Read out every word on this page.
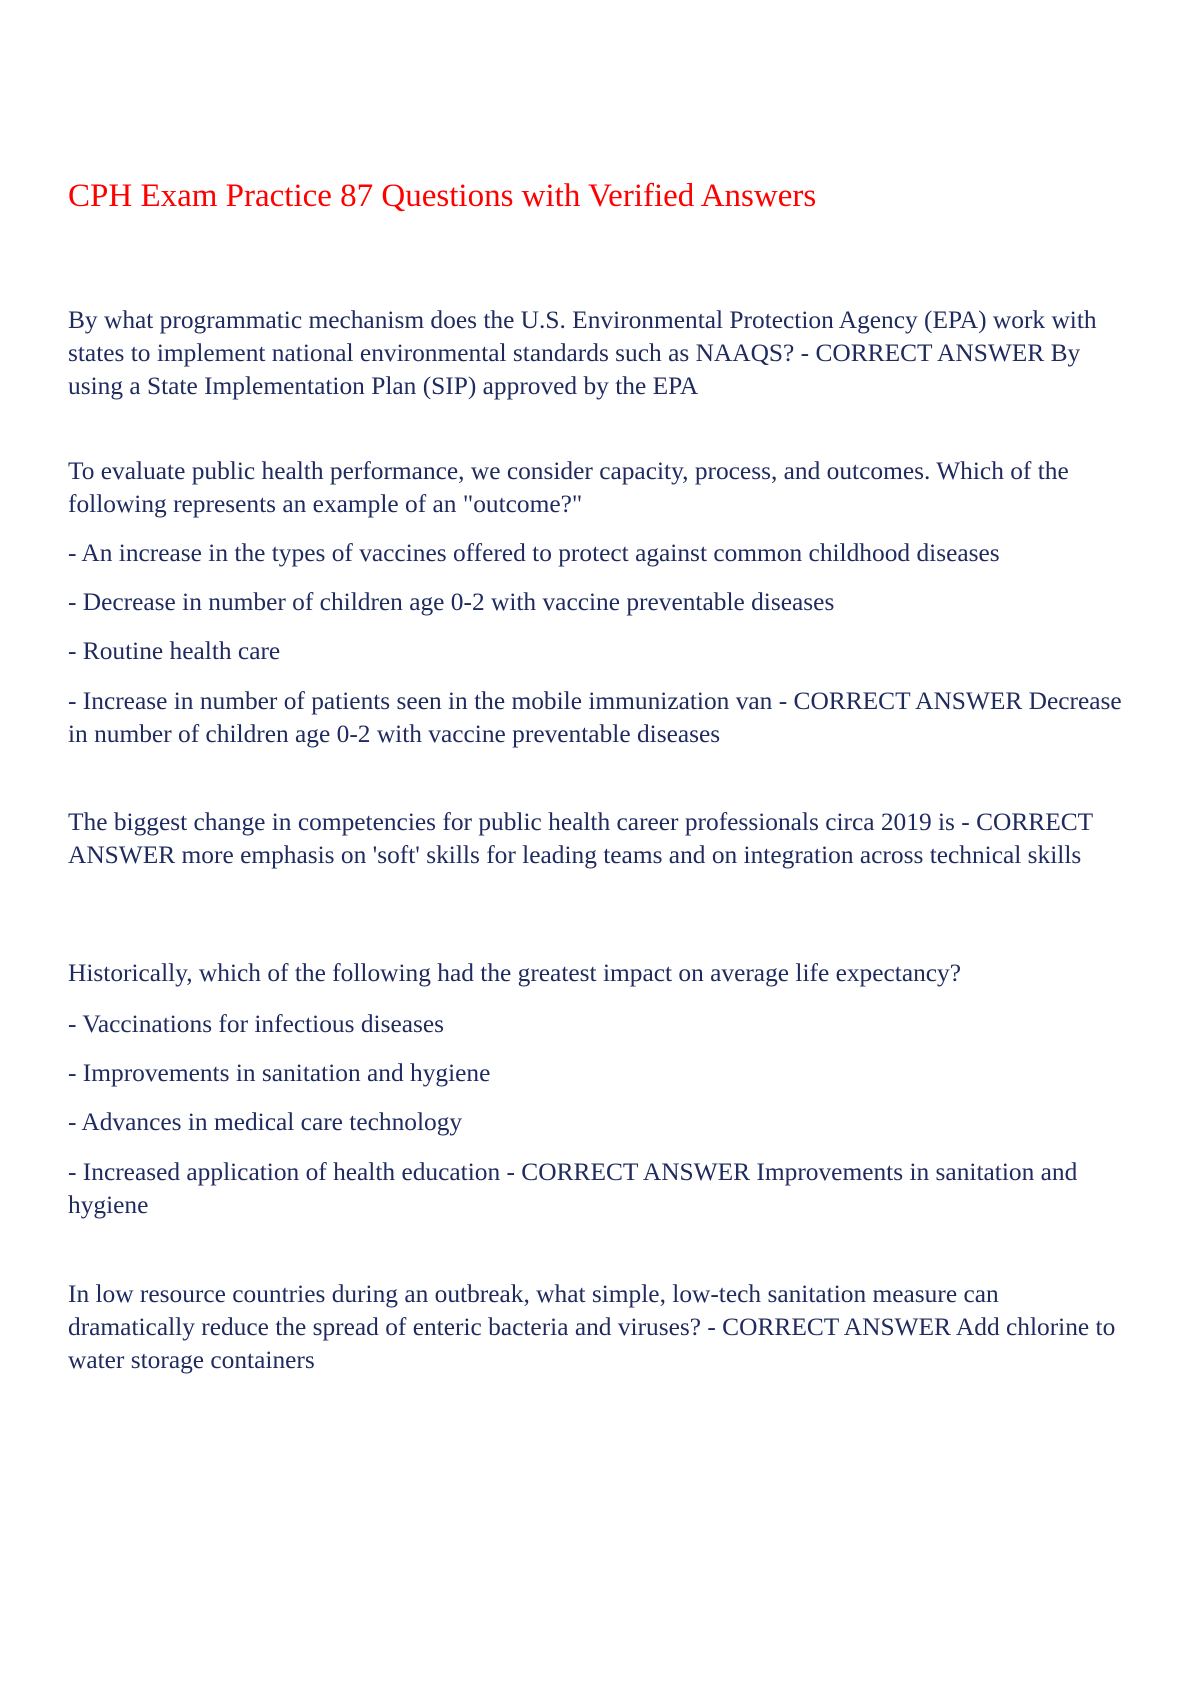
CPH Exam Practice 87 Questions with Verified Answers

By what programmatic mechanism does the U.S. Environmental Protection Agency (EPA) work with states to implement national environmental standards such as NAAQS? - CORRECT ANSWER By using a State Implementation Plan (SIP) approved by the EPA

To evaluate public health performance, we consider capacity, process, and outcomes. Which of the following represents an example of an "outcome?"

- An increase in the types of vaccines offered to protect against common childhood diseases

- Decrease in number of children age 0-2 with vaccine preventable diseases

- Routine health care

- Increase in number of patients seen in the mobile immunization van - CORRECT ANSWER Decrease in number of children age 0-2 with vaccine preventable diseases

The biggest change in competencies for public health career professionals circa 2019 is - CORRECT ANSWER more emphasis on 'soft' skills for leading teams and on integration across technical skills

Historically, which of the following had the greatest impact on average life expectancy?

- Vaccinations for infectious diseases

- Improvements in sanitation and hygiene

- Advances in medical care technology

- Increased application of health education - CORRECT ANSWER Improvements in sanitation and hygiene

In low resource countries during an outbreak, what simple, low-tech sanitation measure can dramatically reduce the spread of enteric bacteria and viruses? - CORRECT ANSWER Add chlorine to water storage containers
